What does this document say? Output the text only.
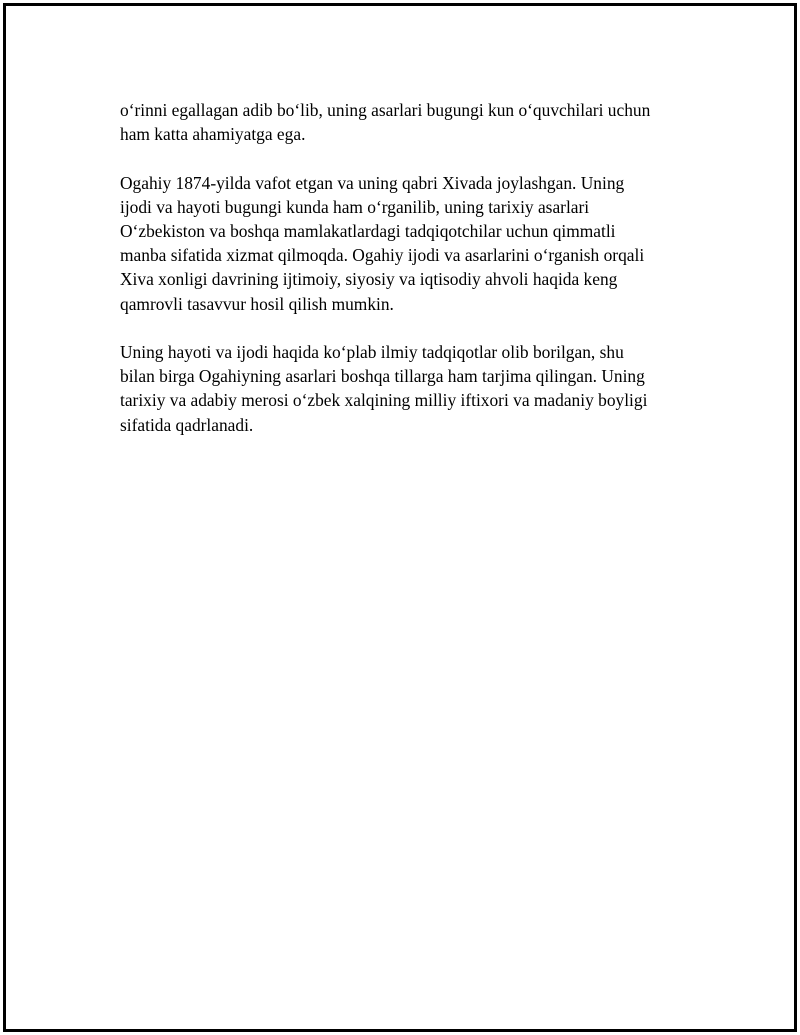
o‘rinni egallagan adib bo‘lib, uning asarlari bugungi kun o‘quvchilari uchun
ham katta ahamiyatga ega.

Ogahiy 1874-yilda vafot etgan va uning qabri Xivada joylashgan. Uning
ijodi va hayoti bugungi kunda ham o‘rganilib, uning tarixiy asarlari
O‘zbekiston va boshqa mamlakatlardagi tadqiqotchilar uchun qimmatli
manba sifatida xizmat qilmoqda. Ogahiy ijodi va asarlarini o‘rganish orqali
Xiva xonligi davrining ijtimoiy, siyosiy va iqtisodiy ahvoli haqida keng
qamrovli tasavvur hosil qilish mumkin.

Uning hayoti va ijodi haqida ko‘plab ilmiy tadqiqotlar olib borilgan, shu
bilan birga Ogahiyning asarlari boshqa tillarga ham tarjima qilingan. Uning
tarixiy va adabiy merosi o‘zbek xalqining milliy iftixori va madaniy boyligi
sifatida qadrlanadi.
